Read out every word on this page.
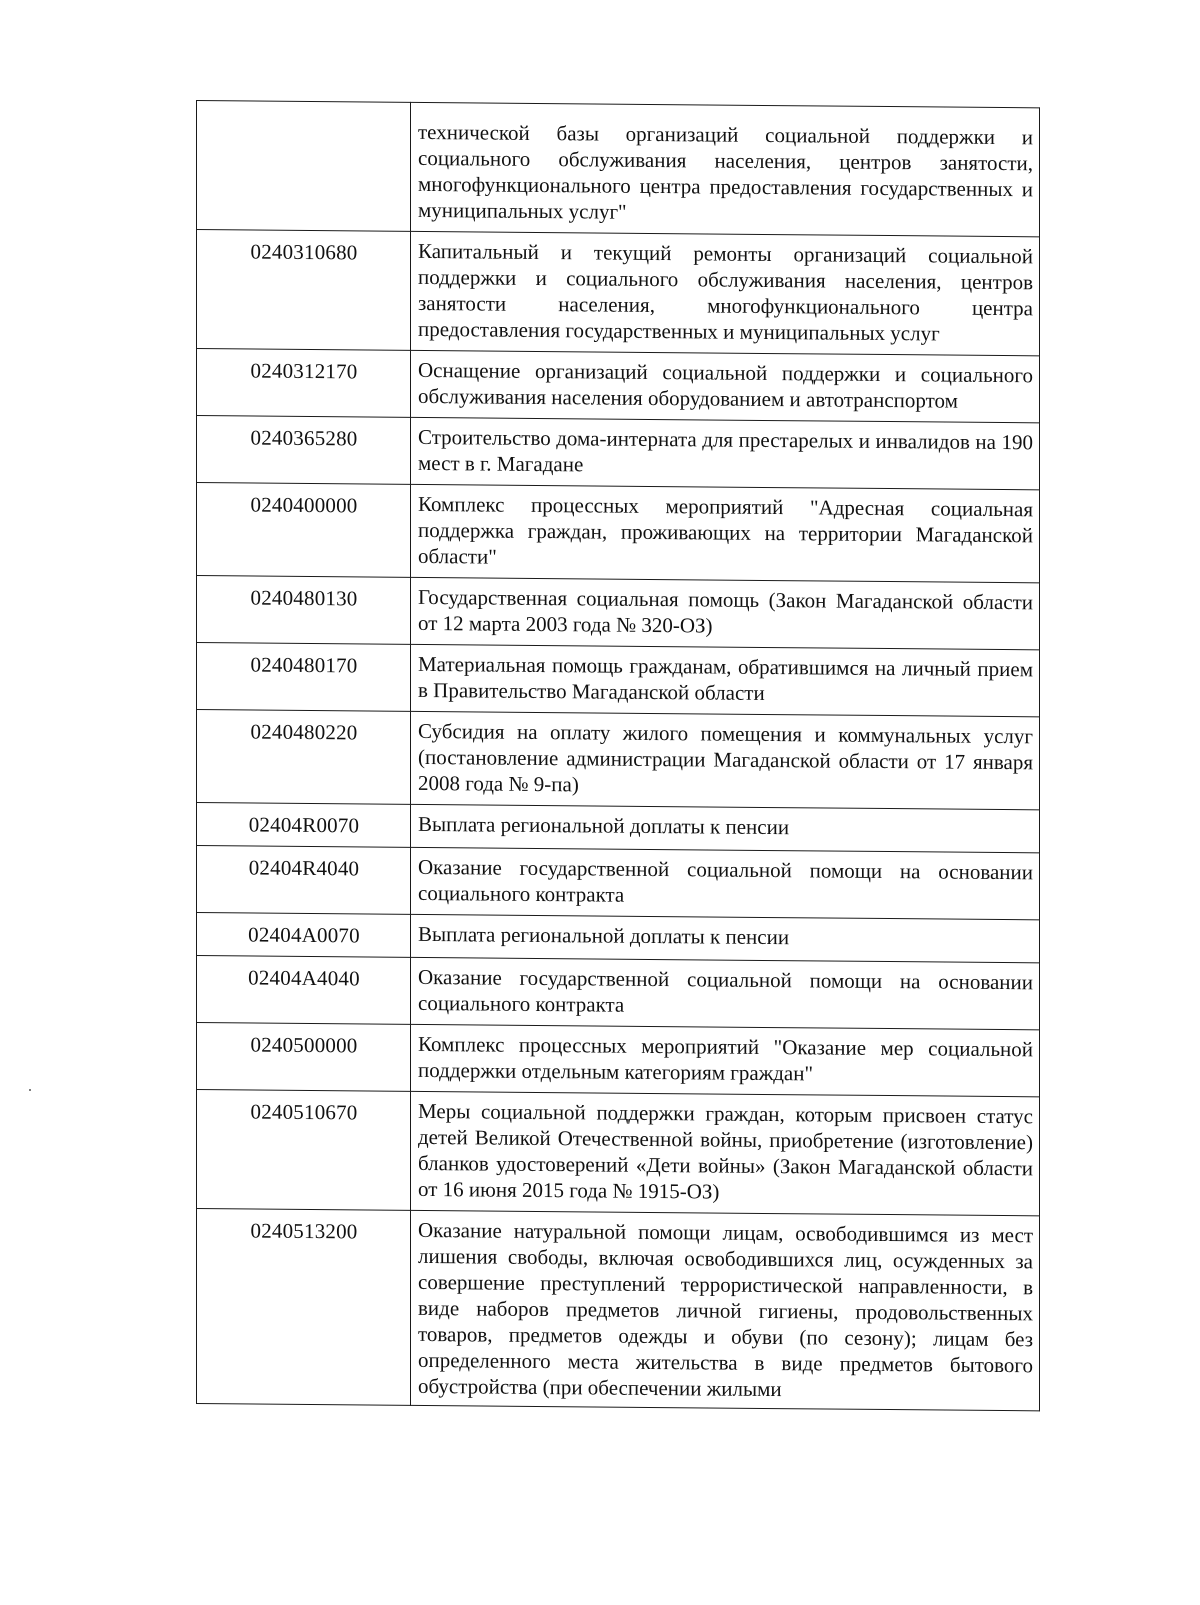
	технической базы организаций социальной поддержки и социального обслуживания населения, центров занятости, многофункционального центра предоставления государственных и муниципальных услуг"
0240310680	Капитальный и текущий ремонты организаций социальной поддержки и социального обслуживания населения, центров занятости населения, многофункционального центра предоставления государственных и муниципальных услуг
0240312170	Оснащение организаций социальной поддержки и социального обслуживания населения оборудованием и автотранспортом
0240365280	Строительство дома-интерната для престарелых и инвалидов на 190 мест в г. Магадане
0240400000	Комплекс процессных мероприятий "Адресная социальная поддержка граждан, проживающих на территории Магаданской области"
0240480130	Государственная социальная помощь (Закон Магаданской области от 12 марта 2003 года № 320-ОЗ)
0240480170	Материальная помощь гражданам, обратившимся на личный прием в Правительство Магаданской области
0240480220	Субсидия на оплату жилого помещения и коммунальных услуг (постановление администрации Магаданской области от 17 января 2008 года № 9-па)
02404R0070	Выплата региональной доплаты к пенсии
02404R4040	Оказание государственной социальной помощи на основании социального контракта
02404A0070	Выплата региональной доплаты к пенсии
02404A4040	Оказание государственной социальной помощи на основании социального контракта
0240500000	Комплекс процессных мероприятий "Оказание мер социальной поддержки отдельным категориям граждан"
0240510670	Меры социальной поддержки граждан, которым присвоен статус детей Великой Отечественной войны, приобретение (изготовление) бланков удостоверений «Дети войны» (Закон Магаданской области от 16 июня 2015 года № 1915-ОЗ)
0240513200	Оказание натуральной помощи лицам, освободившимся из мест лишения свободы, включая освободившихся лиц, осужденных за совершение преступлений террористической направленности, в виде наборов предметов личной гигиены, продовольственных товаров, предметов одежды и обуви (по сезону); лицам без определенного места жительства в виде предметов бытового обустройства (при обеспечении жилыми
